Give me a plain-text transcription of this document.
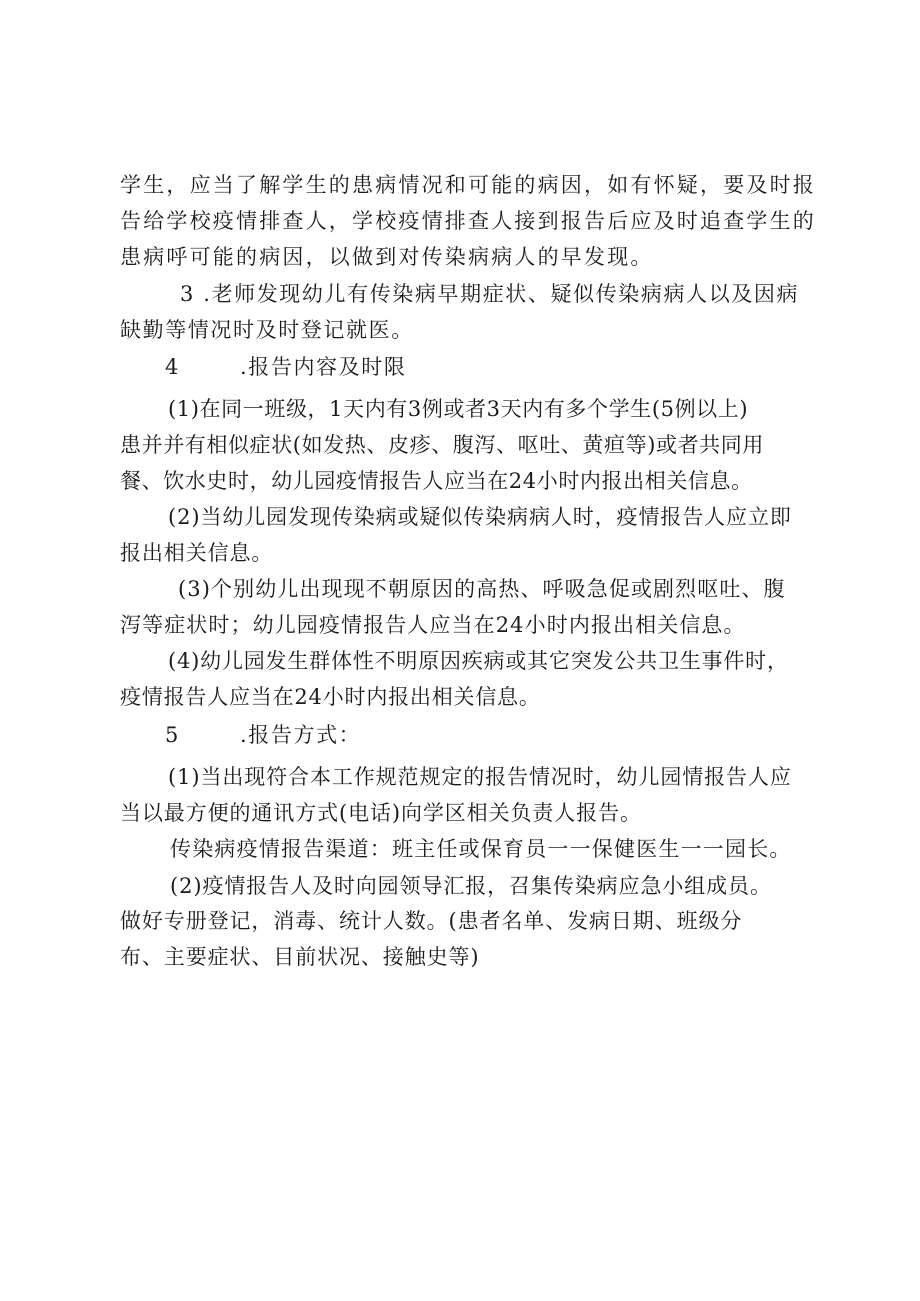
学生，应当了解学生的患病情况和可能的病因，如有怀疑，要及时报
告给学校疫情排查人，学校疫情排查人接到报告后应及时追查学生的
患病呼可能的病因，以做到对传染病病人的早发现。
3 .老师发现幼儿有传染病早期症状、疑似传染病病人以及因病
缺勤等情况时及时登记就医。
4	.报告内容及时限
(1)在同一班级，1天内有3例或者3天内有多个学生(5例以上)
患并并有相似症状(如发热、皮疹、腹泻、呕吐、黄疸等)或者共同用
餐、饮水史时，幼儿园疫情报告人应当在24小时内报出相关信息。
(2)当幼儿园发现传染病或疑似传染病病人时，疫情报告人应立即
报出相关信息。
(3)个别幼儿出现现不朝原因的高热、呼吸急促或剧烈呕吐、腹
泻等症状时；幼儿园疫情报告人应当在24小时内报出相关信息。
(4)幼儿园发生群体性不明原因疾病或其它突发公共卫生事件时，
疫情报告人应当在24小时内报出相关信息。
5	.报告方式：
(1)当出现符合本工作规范规定的报告情况时，幼儿园情报告人应
当以最方便的通讯方式(电话)向学区相关负责人报告。
传染病疫情报告渠道：班主任或保育员一一保健医生一一园长。
(2)疫情报告人及时向园领导汇报，召集传染病应急小组成员。
做好专册登记，消毒、统计人数。(患者名单、发病日期、班级分
布、主要症状、目前状况、接触史等)
